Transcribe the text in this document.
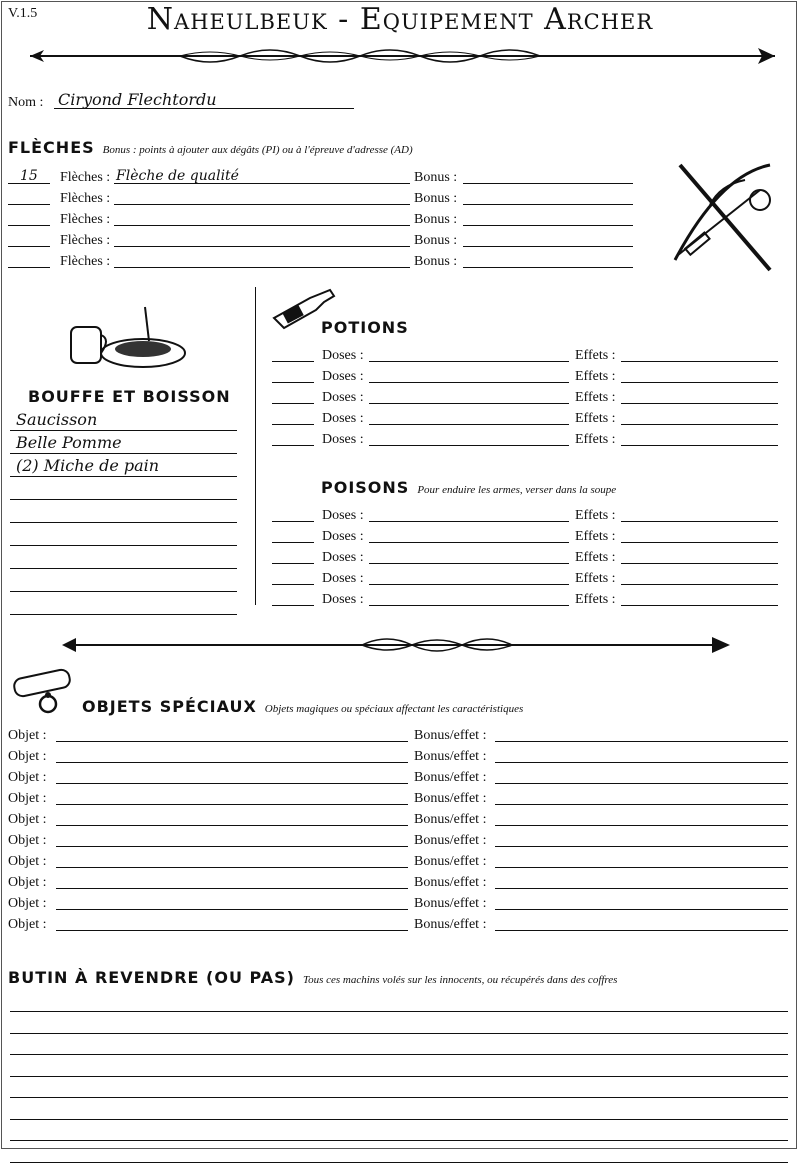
V.1.5	Naheulbeuk - Equipement Archer
Nom : Ciryond Flechtordu
FLÈCHES Bonus : points à ajouter aux dégâts (PI) ou à l'épreuve d'adresse (AD)
15 Flèches : Flèche de qualité	Bonus :
Flèches :	Bonus :
Flèches :	Bonus :
Flèches :	Bonus :
Flèches :	Bonus :
BOUFFE ET BOISSON
Saucisson
Belle Pomme
(2) Miche de pain
POTIONS
Doses :	Effets :
Doses :	Effets :
Doses :	Effets :
Doses :	Effets :
Doses :	Effets :
POISONS Pour enduire les armes, verser dans la soupe
Doses :	Effets :
Doses :	Effets :
Doses :	Effets :
Doses :	Effets :
Doses :	Effets :
OBJETS SPÉCIAUX Objets magiques ou spéciaux affectant les caractéristiques
Objet :	Bonus/effet :
Objet :	Bonus/effet :
Objet :	Bonus/effet :
Objet :	Bonus/effet :
Objet :	Bonus/effet :
Objet :	Bonus/effet :
Objet :	Bonus/effet :
Objet :	Bonus/effet :
Objet :	Bonus/effet :
Objet :	Bonus/effet :
BUTIN À REVENDRE (OU PAS) Tous ces machins volés sur les innocents, ou récupérés dans des coffres
